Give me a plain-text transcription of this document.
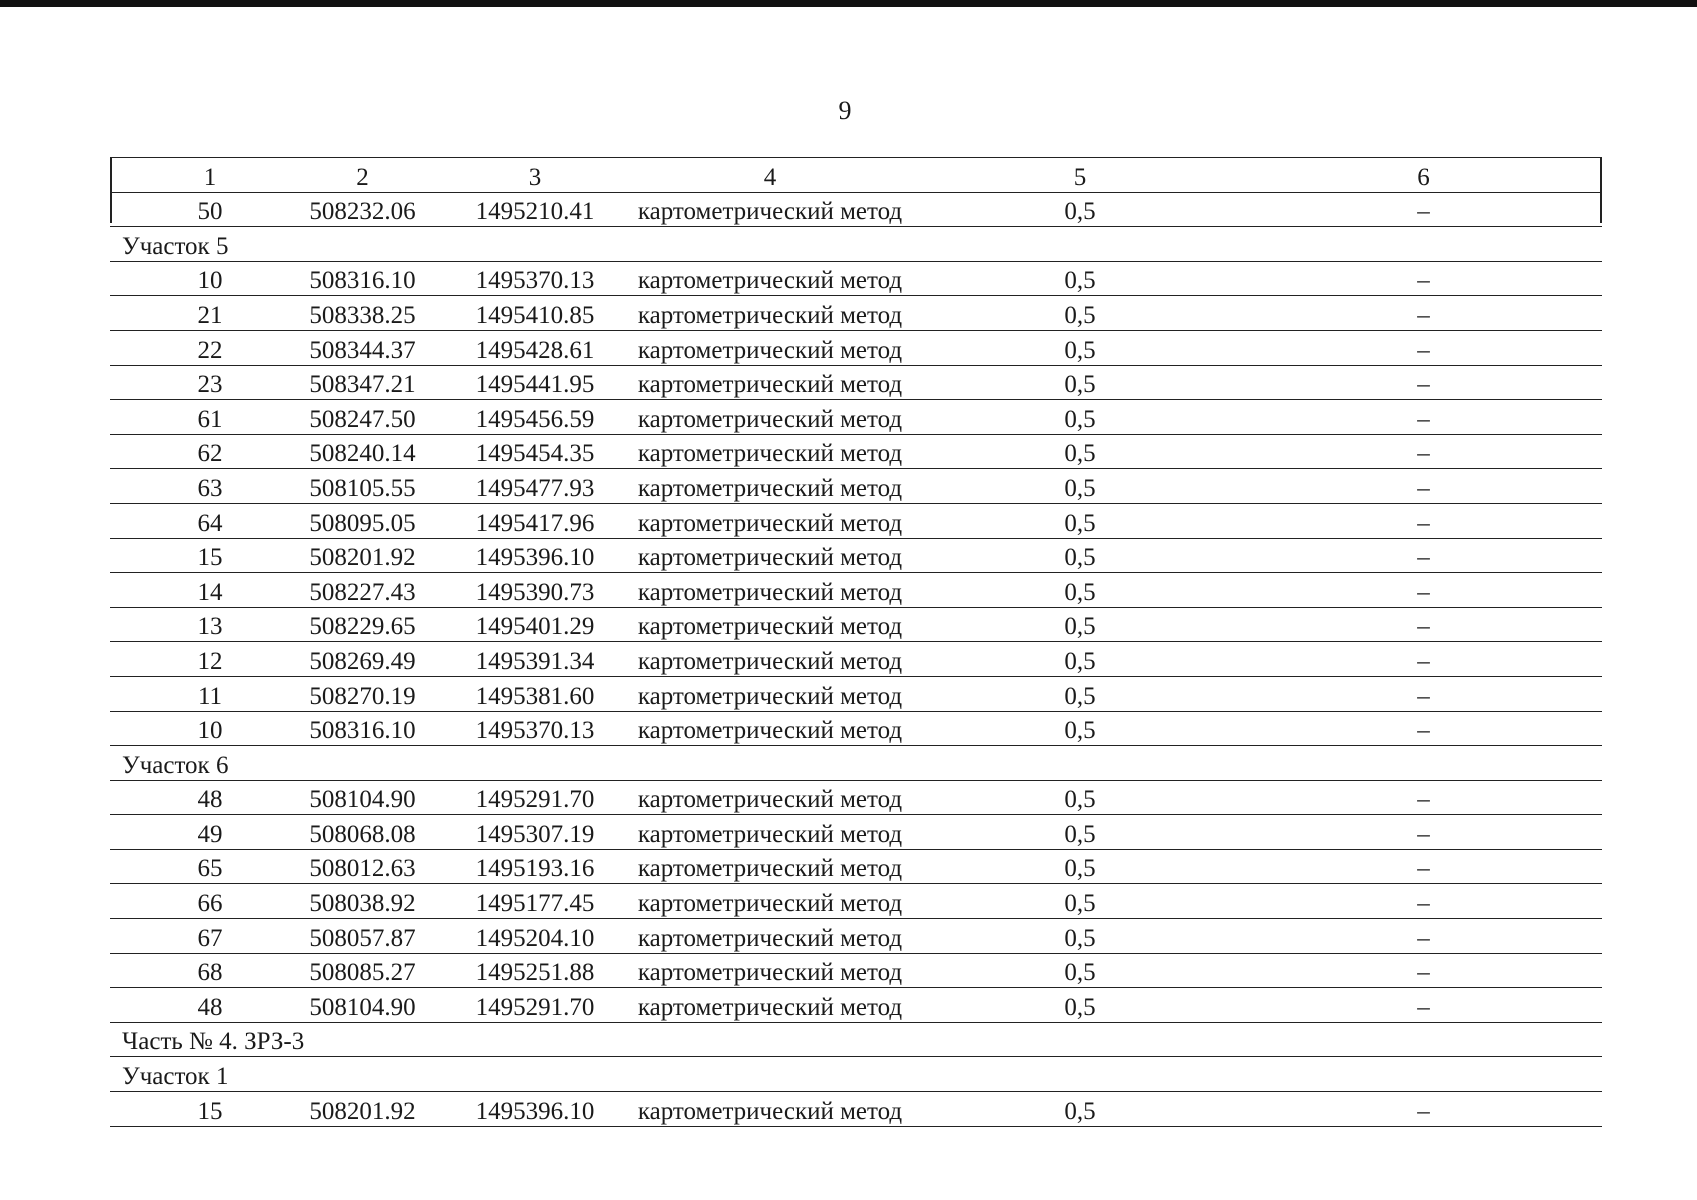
9
1	2	3	4	5	6
50	508232.06	1495210.41	картометрический метод	0,5	–
Участок 5					
10	508316.10	1495370.13	картометрический метод	0,5	–
21	508338.25	1495410.85	картометрический метод	0,5	–
22	508344.37	1495428.61	картометрический метод	0,5	–
23	508347.21	1495441.95	картометрический метод	0,5	–
61	508247.50	1495456.59	картометрический метод	0,5	–
62	508240.14	1495454.35	картометрический метод	0,5	–
63	508105.55	1495477.93	картометрический метод	0,5	–
64	508095.05	1495417.96	картометрический метод	0,5	–
15	508201.92	1495396.10	картометрический метод	0,5	–
14	508227.43	1495390.73	картометрический метод	0,5	–
13	508229.65	1495401.29	картометрический метод	0,5	–
12	508269.49	1495391.34	картометрический метод	0,5	–
11	508270.19	1495381.60	картометрический метод	0,5	–
10	508316.10	1495370.13	картометрический метод	0,5	–
Участок 6					
48	508104.90	1495291.70	картометрический метод	0,5	–
49	508068.08	1495307.19	картометрический метод	0,5	–
65	508012.63	1495193.16	картометрический метод	0,5	–
66	508038.92	1495177.45	картометрический метод	0,5	–
67	508057.87	1495204.10	картометрический метод	0,5	–
68	508085.27	1495251.88	картометрический метод	0,5	–
48	508104.90	1495291.70	картометрический метод	0,5	–
Часть № 4. ЗРЗ-3					
Участок 1					
15	508201.92	1495396.10	картометрический метод	0,5	–
